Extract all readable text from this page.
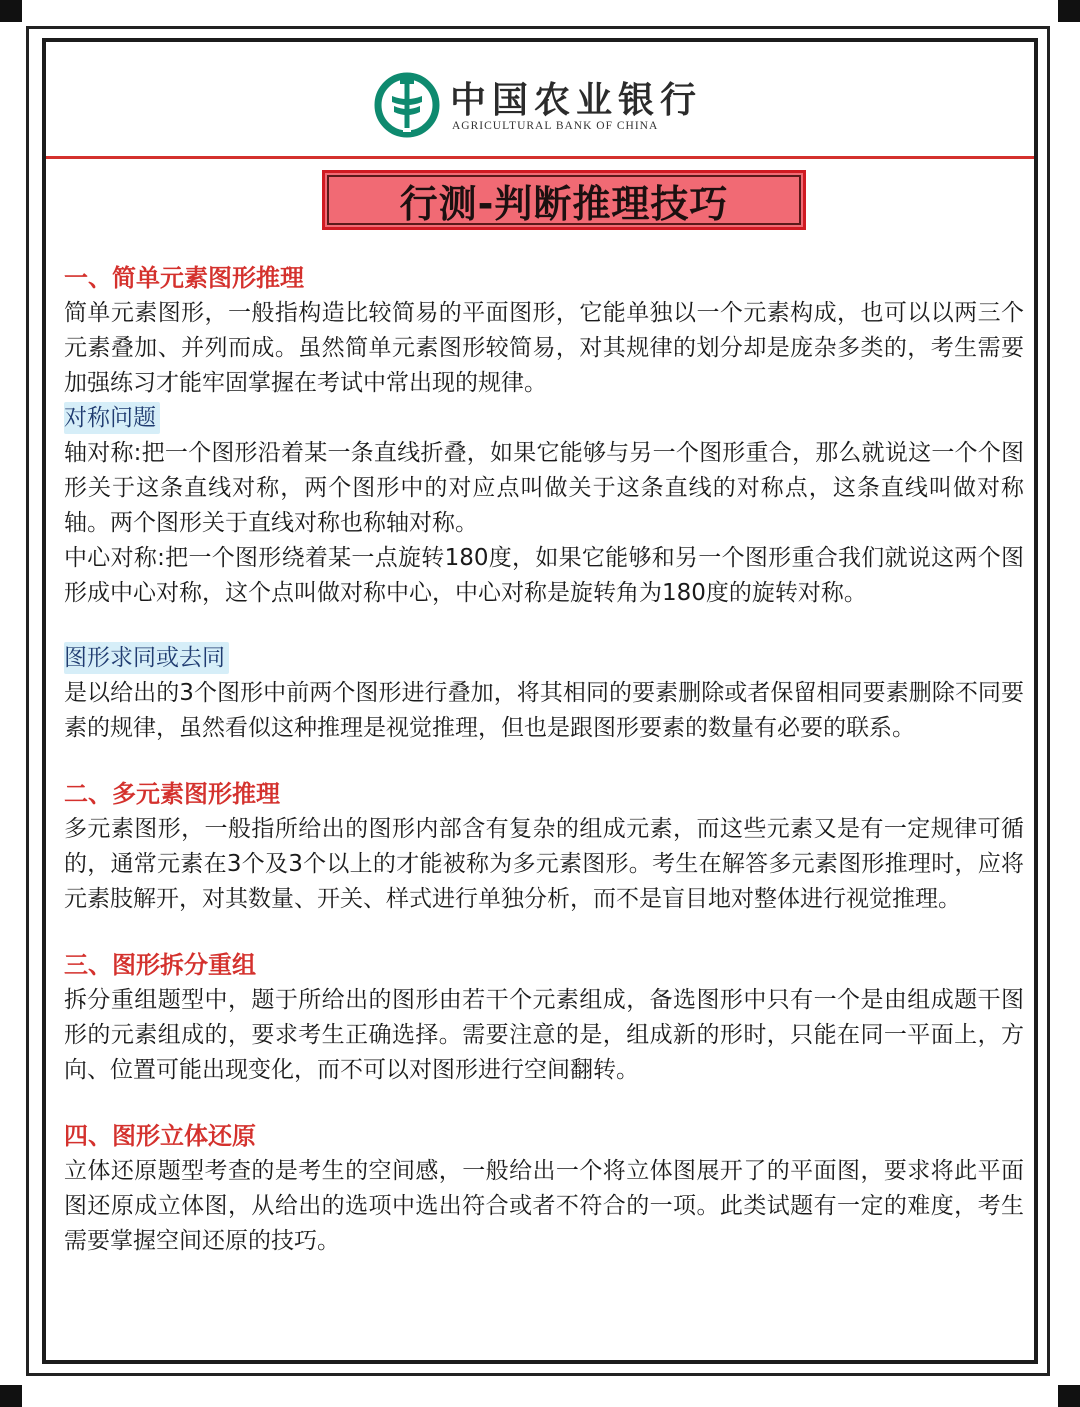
中国农业银行
AGRICULTURAL BANK OF CHINA
行测-判断推理技巧
一、简单元素图形推理

简单元素图形，一般指构造比较简易的平面图形，它能单独以一个元素构成，也可以以两三个元素叠加、并列而成。虽然简单元素图形较简易，对其规律的划分却是庞杂多类的，考生需要加强练习才能牢固掌握在考试中常出现的规律。

对称问题

轴对称:把一个图形沿着某一条直线折叠，如果它能够与另一个图形重合，那么就说这一个个图形关于这条直线对称，两个图形中的对应点叫做关于这条直线的对称点，这条直线叫做对称轴。两个图形关于直线对称也称轴对称。

中心对称:把一个图形绕着某一点旋转180度，如果它能够和另一个图形重合我们就说这两个图形成中心对称，这个点叫做对称中心，中心对称是旋转角为180度的旋转对称。

图形求同或去同

是以给出的3个图形中前两个图形进行叠加，将其相同的要素删除或者保留相同要素删除不同要素的规律，虽然看似这种推理是视觉推理，但也是跟图形要素的数量有必要的联系。

二、多元素图形推理

多元素图形，一般指所给出的图形内部含有复杂的组成元素，而这些元素又是有一定规律可循的，通常元素在3个及3个以上的才能被称为多元素图形。考生在解答多元素图形推理时，应将元素肢解开，对其数量、开关、样式进行单独分析，而不是盲目地对整体进行视觉推理。

三、图形拆分重组

拆分重组题型中，题于所给出的图形由若干个元素组成，备选图形中只有一个是由组成题干图形的元素组成的，要求考生正确选择。需要注意的是，组成新的形时，只能在同一平面上，方向、位置可能出现变化，而不可以对图形进行空间翻转。

四、图形立体还原

立体还原题型考查的是考生的空间感，一般给出一个将立体图展开了的平面图，要求将此平面图还原成立体图，从给出的选项中选出符合或者不符合的一项。此类试题有一定的难度，考生需要掌握空间还原的技巧。
